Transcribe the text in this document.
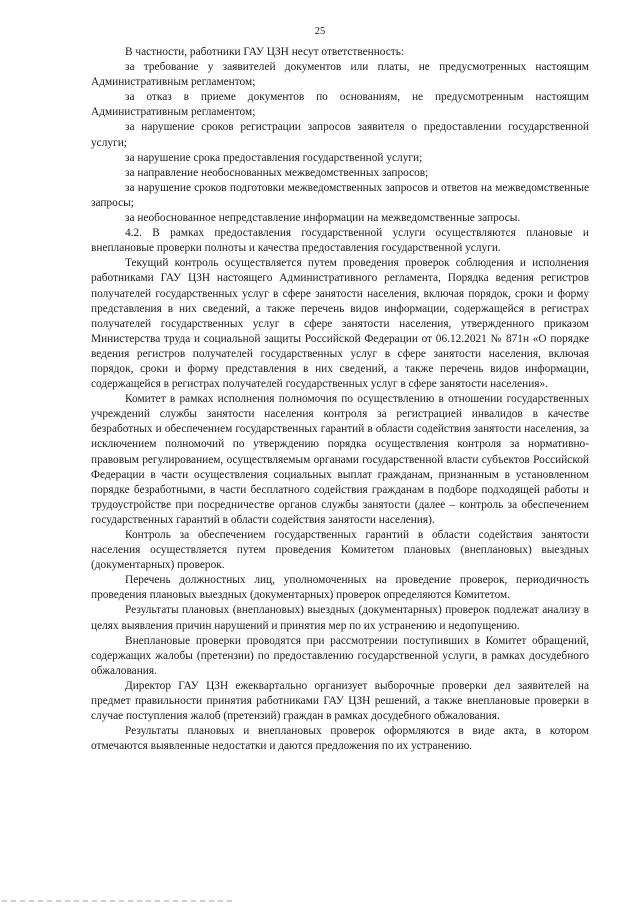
25

В частности, работники ГАУ ЦЗН несут ответственность:

за требование у заявителей документов или платы, не предусмотренных настоящим Административным регламентом;

за отказ в приеме документов по основаниям, не предусмотренным настоящим Административным регламентом;

за нарушение сроков регистрации запросов заявителя о предоставлении государственной услуги;

за нарушение срока предоставления государственной услуги;

за направление необоснованных межведомственных запросов;

за нарушение сроков подготовки межведомственных запросов и ответов на межведомственные запросы;

за необоснованное непредставление информации на межведомственные запросы.

4.2. В рамках предоставления государственной услуги осуществляются плановые и внеплановые проверки полноты и качества предоставления государственной услуги.

Текущий контроль осуществляется путем проведения проверок соблюдения и исполнения работниками ГАУ ЦЗН настоящего Административного регламента, Порядка ведения регистров получателей государственных услуг в сфере занятости населения, включая порядок, сроки и форму представления в них сведений, а также перечень видов информации, содержащейся в регистрах получателей государственных услуг в сфере занятости населения, утвержденного приказом Министерства труда и социальной защиты Российской Федерации от 06.12.2021 № 871н «О порядке ведения регистров получателей государственных услуг в сфере занятости населения, включая порядок, сроки и форму представления в них сведений, а также перечень видов информации, содержащейся в регистрах получателей государственных услуг в сфере занятости населения».

Комитет в рамках исполнения полномочия по осуществлению в отношении государственных учреждений службы занятости населения контроля за регистрацией инвалидов в качестве безработных и обеспечением государственных гарантий в области содействия занятости населения, за исключением полномочий по утверждению порядка осуществления контроля за нормативно-правовым регулированием, осуществляемым органами государственной власти субъектов Российской Федерации в части осуществления социальных выплат гражданам, признанным в установленном порядке безработными, в части бесплатного содействия гражданам в подборе подходящей работы и трудоустройстве при посредничестве органов службы занятости (далее – контроль за обеспечением государственных гарантий в области содействия занятости населения).

Контроль за обеспечением государственных гарантий в области содействия занятости населения осуществляется путем проведения Комитетом плановых (внеплановых) выездных (документарных) проверок.

Перечень должностных лиц, уполномоченных на проведение проверок, периодичность проведения плановых выездных (документарных) проверок определяются Комитетом.

Результаты плановых (внеплановых) выездных (документарных) проверок подлежат анализу в целях выявления причин нарушений и принятия мер по их устранению и недопущению.

Внеплановые проверки проводятся при рассмотрении поступивших в Комитет обращений, содержащих жалобы (претензии) по предоставлению государственной услуги, в рамках досудебного обжалования.

Директор ГАУ ЦЗН ежеквартально организует выборочные проверки дел заявителей на предмет правильности принятия работниками ГАУ ЦЗН решений, а также внеплановые проверки в случае поступления жалоб (претензий) граждан в рамках досудебного обжалования.

Результаты плановых и внеплановых проверок оформляются в виде акта, в котором отмечаются выявленные недостатки и даются предложения по их устранению.
